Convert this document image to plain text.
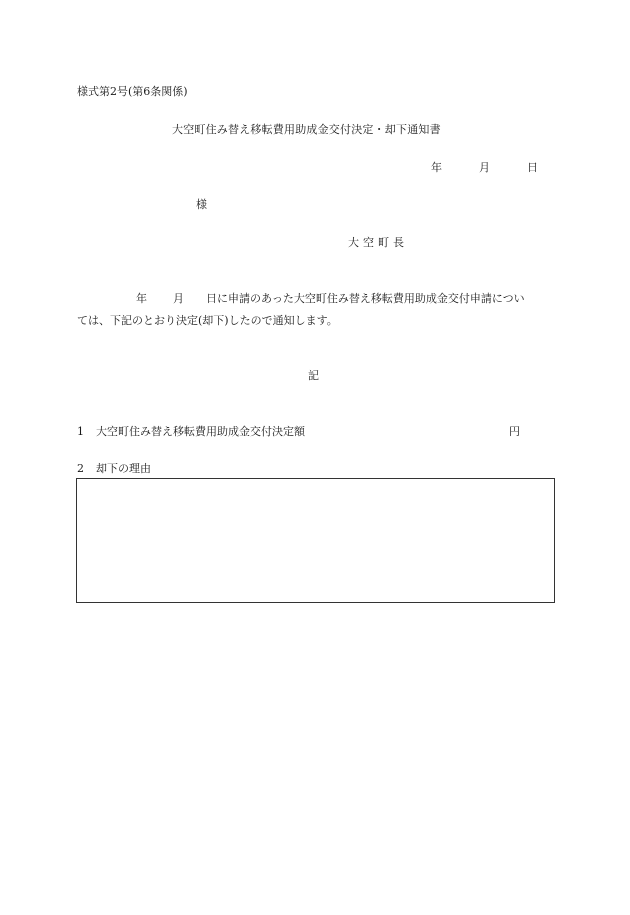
様式第2号(第6条関係)
大空町住み替え移転費用助成金交付決定・却下通知書
年	月	日
様
大空町長
年 月 日に申請のあった大空町住み替え移転費用助成金交付申請につい
ては、下記のとおり決定(却下)したので通知します。
記
1 大空町住み替え移転費用助成金交付決定額	円
2 却下の理由
